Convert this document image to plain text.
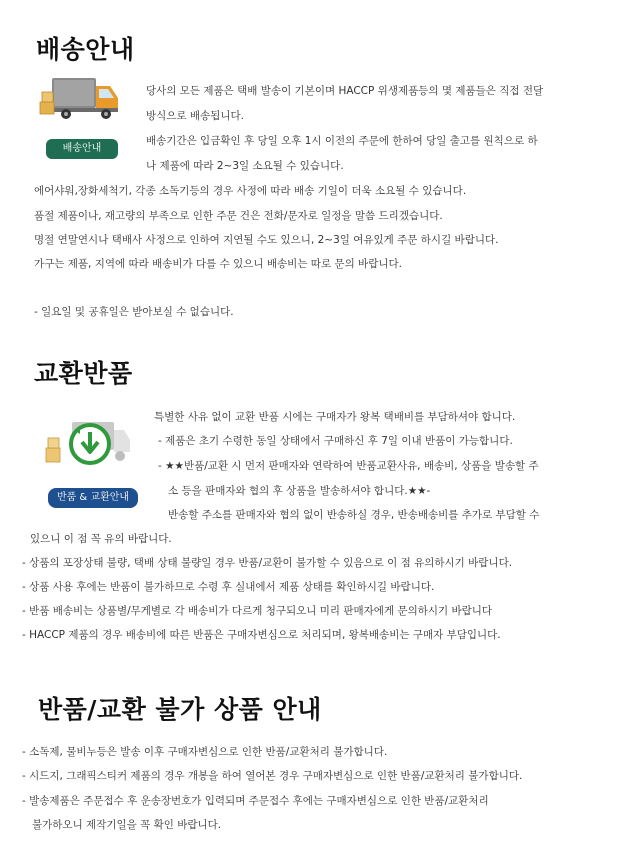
배송안내
배송안내
당사의 모든 제품은 택배 발송이 기본이며 HACCP 위생제품등의 몇 제품들은 직접 전달
방식으로 배송됩니다.
배송기간은 입금확인 후 당일 오후 1시 이전의 주문에 한하여 당일 출고를 원칙으로 하
나 제품에 따라 2~3일 소요될 수 있습니다.
에어샤워,장화세척기, 각종 소독기등의 경우 사정에 따라 배송 기일이 더욱 소요될 수 있습니다.
품절 제품이나, 재고량의 부족으로 인한 주문 건은 전화/문자로 일정을 말씀 드리겠습니다.
명절 연말연시나 택배사 사정으로 인하여 지연될 수도 있으니, 2~3일 여유있게 주문 하시길 바랍니다.
가구는 제품, 지역에 따라 배송비가 다를 수 있으니 배송비는 따로 문의 바랍니다.
- 일요일 및 공휴일은 받아보실 수 없습니다.
교환반품
반품 & 교환안내
특별한 사유 없이 교환 반품 시에는 구매자가 왕복 택배비를 부담하셔야 합니다.
- 제품은 초기 수령한 동일 상태에서 구매하신 후 7일 이내 반품이 가능합니다.
- ★★반품/교환 시 먼저 판매자와 연락하여 반품교환사유, 배송비, 상품을 발송할 주
소 등을 판매자와 협의 후 상품을 발송하셔야 합니다.★★-
반송할 주소를 판매자와 협의 없이 반송하실 경우, 반송배송비를 추가로 부담할 수
있으니 이 점 꼭 유의 바랍니다.
- 상품의 포장상태 불량, 택배 상태 불량일 경우 반품/교환이 불가할 수 있음으로 이 점 유의하시기 바랍니다.
- 상품 사용 후에는 반품이 불가하므로 수령 후 실내에서 제품 상태를 확인하시길 바랍니다.
- 반품 배송비는 상품별/무게별로 각 배송비가 다르게 청구되오니 미리 판매자에게 문의하시기 바랍니다
- HACCP 제품의 경우 배송비에 따른 반품은 구매자변심으로 처리되며, 왕복배송비는 구매자 부담입니다.
반품/교환 불가 상품 안내
- 소독제, 물비누등은 발송 이후 구매자변심으로 인한 반품/교환처리 불가합니다.
- 시드지, 그래픽스티커 제품의 경우 개봉을 하여 열어본 경우 구매자변심으로 인한 반품/교환처리 불가합니다.
- 발송제품은 주문접수 후 운송장번호가 입력되며 주문접수 후에는 구매자변심으로 인한 반품/교환처리
불가하오니 제작기일을 꼭 확인 바랍니다.
